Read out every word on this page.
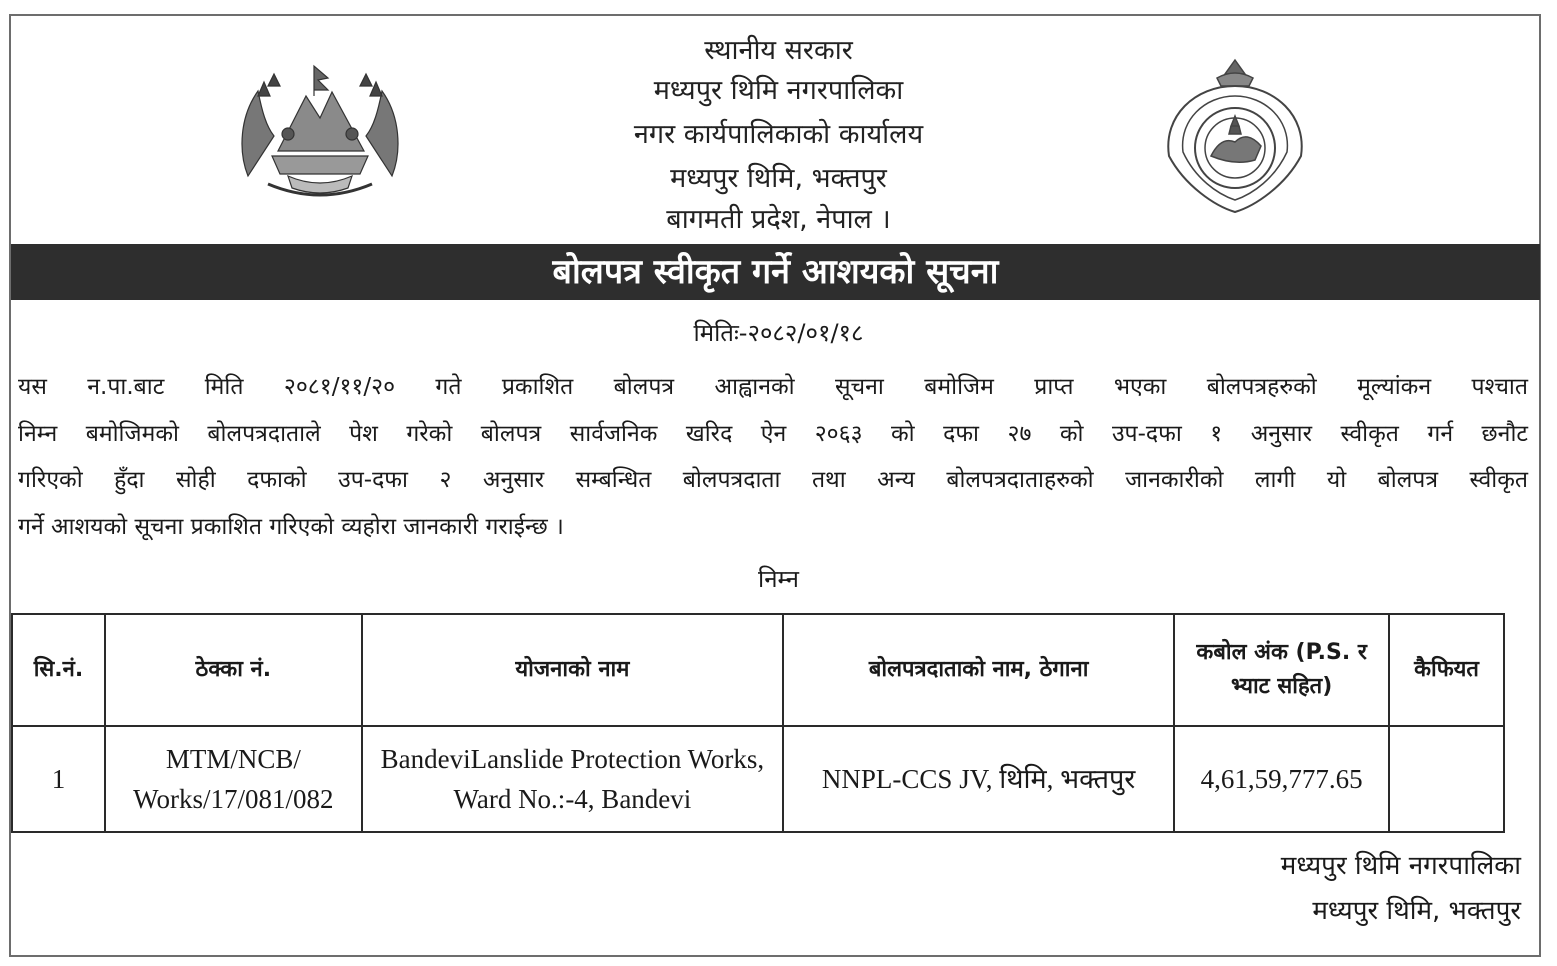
स्थानीय सरकार
मध्यपुर थिमि नगरपालिका
नगर कार्यपालिकाको कार्यालय
मध्यपुर थिमि, भक्तपुर
बागमती प्रदेश, नेपाल ।
बोलपत्र स्वीकृत गर्ने आशयको सूचना
मितिः-२०८२/०१/१८
यस न.पा.बाट मिति २०८१/११/२० गते प्रकाशित बोलपत्र आह्वानको सूचना बमोजिम प्राप्त भएका बोलपत्रहरुको मूल्यांकन पश्चात
निम्न बमोजिमको बोलपत्रदाताले पेश गरेको बोलपत्र सार्वजनिक खरिद ऐन २०६३ को दफा २७ को उप-दफा १ अनुसार स्वीकृत गर्न छनौट
गरिएको हुँदा सोही दफाको उप-दफा २ अनुसार सम्बन्धित बोलपत्रदाता तथा अन्य बोलपत्रदाताहरुको जानकारीको लागी यो बोलपत्र स्वीकृत
गर्ने आशयको सूचना प्रकाशित गरिएको व्यहोरा जानकारी गराईन्छ ।
निम्न
सि.नं.	ठेक्का नं.	योजनाको नाम	बोलपत्रदाताको नाम, ठेगाना	कबोल अंक (P.S. र भ्याट सहित)	कैफियत
1	MTM/NCB/ Works/17/081/082	BandeviLanslide Protection Works, Ward No.:-4, Bandevi	NNPL-CCS JV, थिमि, भक्तपुर	4,61,59,777.65	
मध्यपुर थिमि नगरपालिका
मध्यपुर थिमि, भक्तपुर
